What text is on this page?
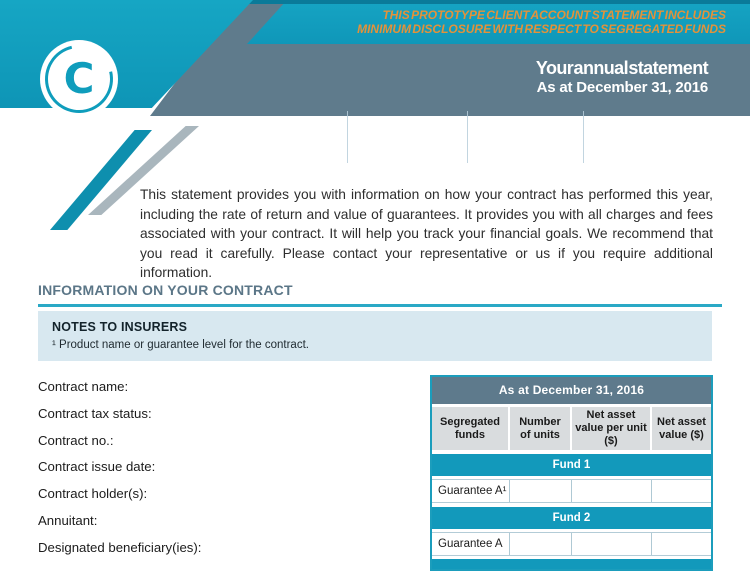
C
THIS PROTOTYPE CLIENT ACCOUNT STATEMENT INCLUDES
MINIMUM DISCLOSURE WITH RESPECT TO SEGREGATED FUNDS
Your annual statement
As at December 31, 2016
INSURER’S NAME
Insurer’s contact information
Insurer’s telephone no.	Insurer’s website

This statement provides you with information on how your contract has performed this year, including the rate of return and value of guarantees. It provides you with all charges and fees associated with your contract. It will help you track your financial goals. We recommend that you read it carefully. Please contact your representative or us if you require additional information.

INFORMATION ON YOUR CONTRACT
NOTES TO INSURERS
¹ Product name or guarantee level for the contract.
Contract name:
Contract tax status:
Contract no.:
Contract issue date:
Contract holder(s):
Annuitant:
Designated beneficiary(ies):
As at December 31, 2016
Segregated funds
Number of units
Net asset value per unit ($)
Net asset value ($)
Fund 1
Guarantee A¹
Fund 2
Guarantee A
